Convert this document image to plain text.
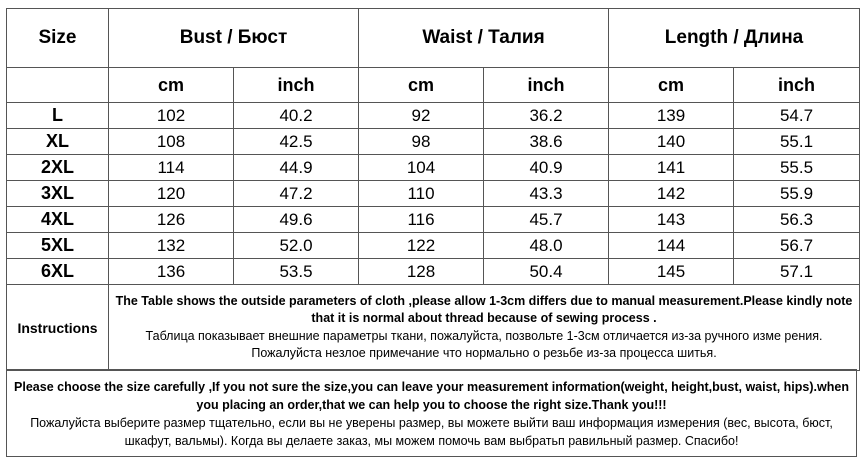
Size	Bust / Бюст		Waist / Талия		Length / Длина	
	cm	inch	cm	inch	cm	inch
L	102	40.2	92	36.2	139	54.7
XL	108	42.5	98	38.6	140	55.1
2XL	114	44.9	104	40.9	141	55.5
3XL	120	47.2	110	43.3	142	55.9
4XL	126	49.6	116	45.7	143	56.3
5XL	132	52.0	122	48.0	144	56.7
6XL	136	53.5	128	50.4	145	57.1
Instructions	The Table shows the outside parameters of cloth ,please allow 1-3cm differs due to manual measurement.Please kindly note that it is normal about thread because of sewing process .

Таблица показывает внешние параметры ткани, пожалуйста, позвольте 1-3см отличается из-за ручного изме рения. Пожалуйста незлое примечание что нормально о резьбе из-за процесса шитья.					

Please choose the size carefully ,If you not sure the size,you can leave your measurement information(weight, height,bust, waist, hips).when you placing an order,that we can help you to choose the right size.Thank you!!!

Пожалуйста выберите размер тщательно, если вы не уверены размер, вы можете выйти ваш информация измерения (вес, высота, бюст, шкафут, вальмы). Когда вы делаете заказ, мы можем помочь вам выбратьп равильный размер. Спасибо!
